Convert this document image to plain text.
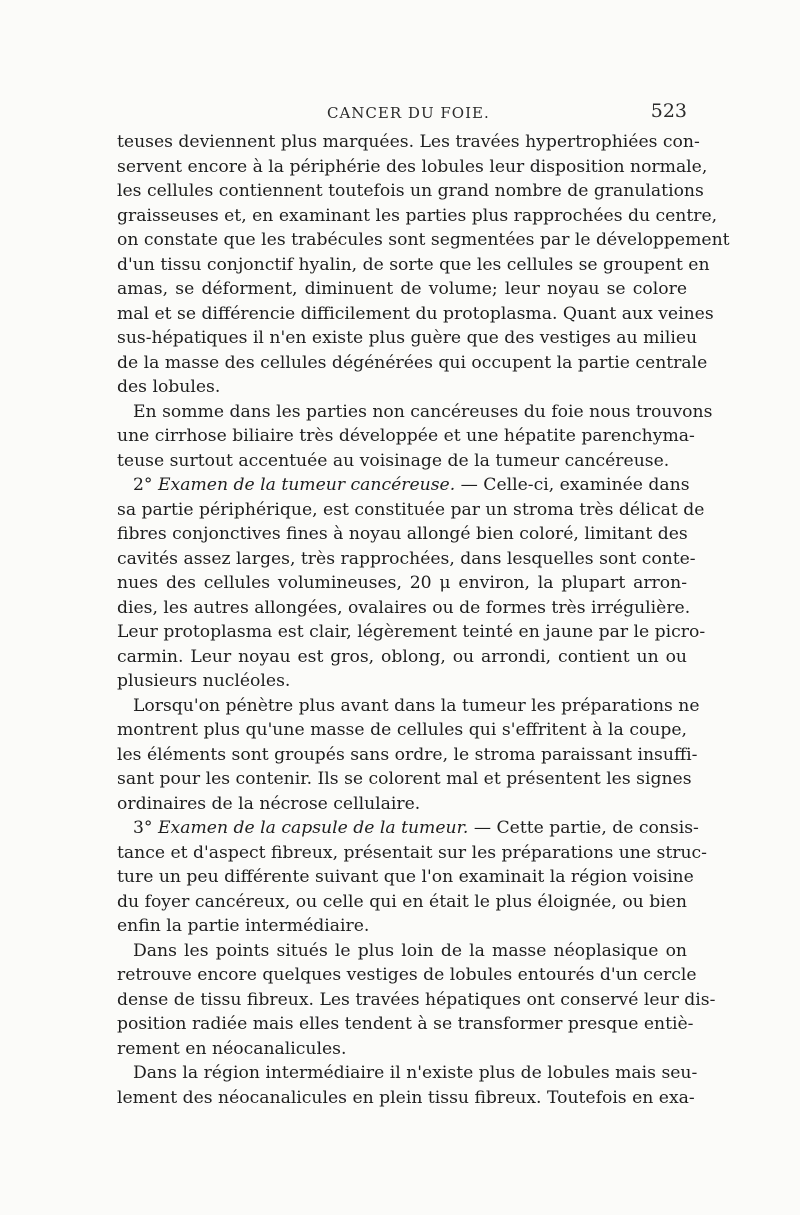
CANCER DU FOIE.	523
teuses deviennent plus marquées. Les travées hypertrophiées con-
servent encore à la périphérie des lobules leur disposition normale,
les cellules contiennent toutefois un grand nombre de granulations
graisseuses et, en examinant les parties plus rapprochées du centre,
on constate que les trabécules sont segmentées par le développement
d'un tissu conjonctif hyalin, de sorte que les cellules se groupent en
amas, se déforment, diminuent de volume; leur noyau se colore
mal et se différencie difficilement du protoplasma. Quant aux veines
sus-hépatiques il n'en existe plus guère que des vestiges au milieu
de la masse des cellules dégénérées qui occupent la partie centrale
des lobules.
En somme dans les parties non cancéreuses du foie nous trouvons
une cirrhose biliaire très développée et une hépatite parenchyma-
teuse surtout accentuée au voisinage de la tumeur cancéreuse.
2° Examen de la tumeur cancéreuse. — Celle-ci, examinée dans
sa partie périphérique, est constituée par un stroma très délicat de
fibres conjonctives fines à noyau allongé bien coloré, limitant des
cavités assez larges, très rapprochées, dans lesquelles sont conte-
nues des cellules volumineuses, 20 μ environ, la plupart arron-
dies, les autres allongées, ovalaires ou de formes très irrégulière.
Leur protoplasma est clair, légèrement teinté en jaune par le picro-
carmin. Leur noyau est gros, oblong, ou arrondi, contient un ou
plusieurs nucléoles.
Lorsqu'on pénètre plus avant dans la tumeur les préparations ne
montrent plus qu'une masse de cellules qui s'effritent à la coupe,
les éléments sont groupés sans ordre, le stroma paraissant insuffi-
sant pour les contenir. Ils se colorent mal et présentent les signes
ordinaires de la nécrose cellulaire.
3° Examen de la capsule de la tumeur. — Cette partie, de consis-
tance et d'aspect fibreux, présentait sur les préparations une struc-
ture un peu différente suivant que l'on examinait la région voisine
du foyer cancéreux, ou celle qui en était le plus éloignée, ou bien
enfin la partie intermédiaire.
Dans les points situés le plus loin de la masse néoplasique on
retrouve encore quelques vestiges de lobules entourés d'un cercle
dense de tissu fibreux. Les travées hépatiques ont conservé leur dis-
position radiée mais elles tendent à se transformer presque entiè-
rement en néocanalicules.
Dans la région intermédiaire il n'existe plus de lobules mais seu-
lement des néocanalicules en plein tissu fibreux. Toutefois en exa-
